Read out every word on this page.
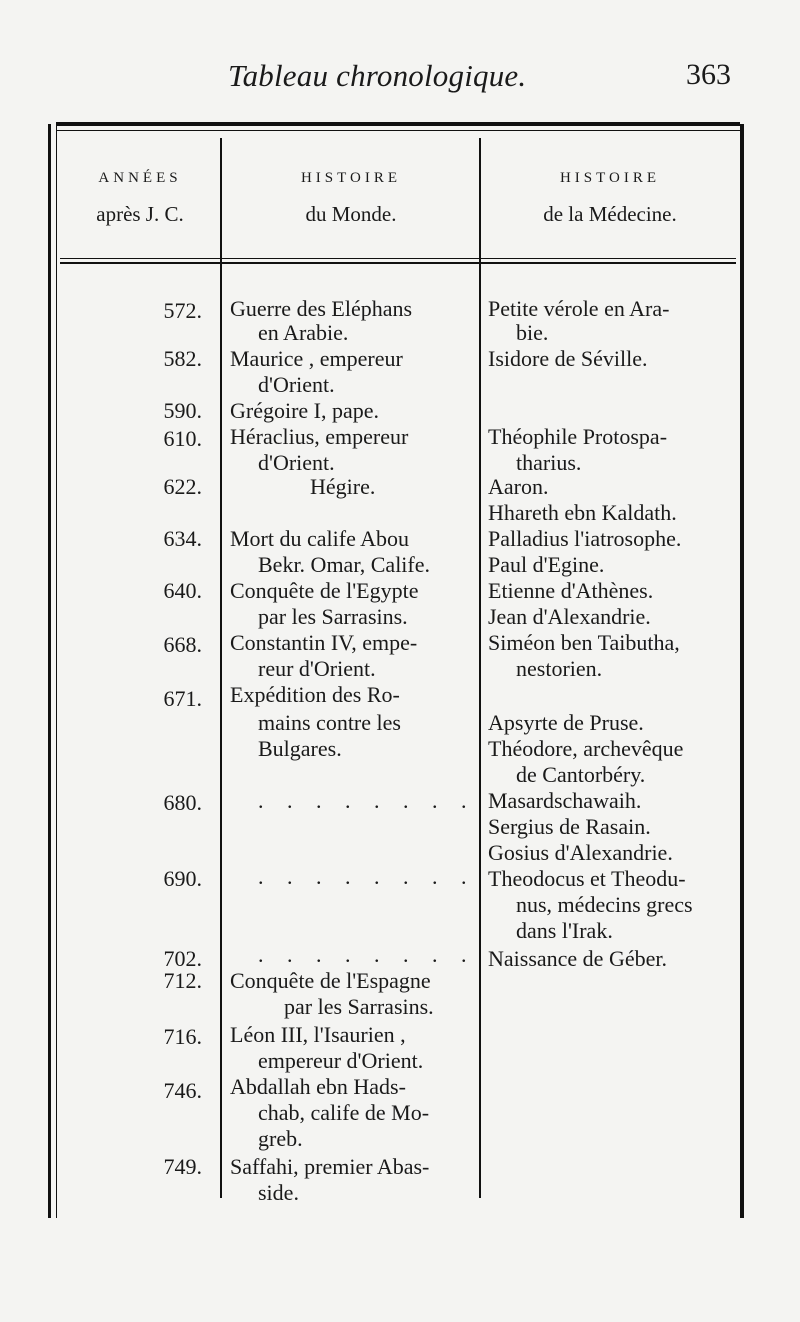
Tableau chronologique.	363
ANNÉES
après J. C.
HISTOIRE
du Monde.
HISTOIRE
de la Médecine.
572.
582.
590.
610.
622.
634.
640.
668.
671.
680.
690.
702.
712.
716.
746.
749.
Guerre des Eléphans
en Arabie.
Maurice , empereur
d'Orient.
Grégoire I, pape.
Héraclius, empereur
d'Orient.
Hégire.
Mort du calife Abou
Bekr. Omar, Calife.
Conquête de l'Egypte
par les Sarrasins.
Constantin IV, empe-
reur d'Orient.
Expédition des Ro-
mains contre les
Bulgares.
. . . . . . . .
. . . . . . . .
. . . . . . . .
Conquête de l'Espagne
par les Sarrasins.
Léon III, l'Isaurien ,
empereur d'Orient.
Abdallah ebn Hads-
chab, calife de Mo-
greb.
Saffahi, premier Abas-
side.
Petite vérole en Ara-
bie.
Isidore de Séville.
Théophile Protospa-
tharius.
Aaron.
Hhareth ebn Kaldath.
Palladius l'iatrosophe.
Paul d'Egine.
Etienne d'Athènes.
Jean d'Alexandrie.
Siméon ben Taibutha,
nestorien.
Apsyrte de Pruse.
Théodore, archevêque
de Cantorbéry.
Masardschawaih.
Sergius de Rasain.
Gosius d'Alexandrie.
Theodocus et Theodu-
nus, médecins grecs
dans l'Irak.
Naissance de Géber.
